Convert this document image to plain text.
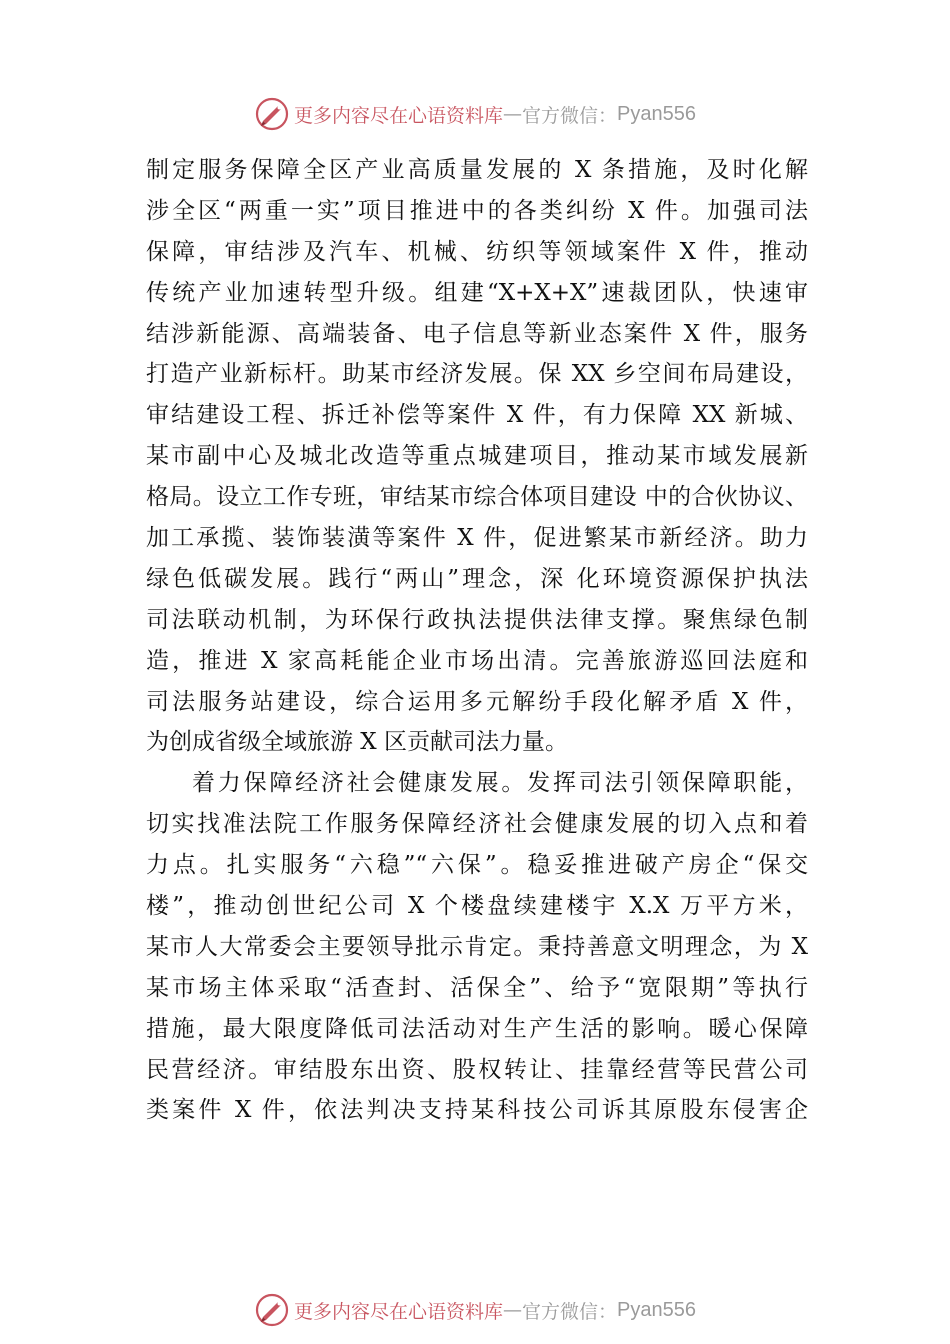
更多内容尽在心语资料库 — 官方微信： Pyan556
制定服务保障全区产业高质量发展的 X 条措施，及时化解
涉全区“两重一实”项目推进中的各类纠纷 X 件。加强司法
保障，审结涉及汽车、机械、纺织等领域案件 X 件，推动
传统产业加速转型升级。组建“X+X+X”速裁团队，快速审
结涉新能源、高端装备、电子信息等新业态案件 X 件，服务
打造产业新标杆。助某市经济发展。保 XX 乡空间布局建设，
审结建设工程、拆迁补偿等案件 X 件，有力保障 XX 新城、
某市副中心及城北改造等重点城建项目，推动某市域发展新
格局。设立工作专班，审结某市综合体项目建设 中的合伙协议、
加工承揽、装饰装潢等案件 X 件，促进繁某市新经济。助力
绿色低碳发展。践行“两山”理念，深 化环境资源保护执法
司法联动机制，为环保行政执法提供法律支撑。聚焦绿色制
造，推进 X 家高耗能企业市场出清。完善旅游巡回法庭和
司法服务站建设，综合运用多元解纷手段化解矛盾 X 件，
为创成省级全域旅游 X 区贡献司法力量。
着力保障经济社会健康发展。发挥司法引领保障职能，
切实找准法院工作服务保障经济社会健康发展的切入点和着
力点。扎实服务“六稳”“六保”。稳妥推进破产房企“保交
楼”，推动创世纪公司 X 个楼盘续建楼宇 X.X 万平方米，
某市人大常委会主要领导批示肯定。秉持善意文明理念，为 X
某市场主体采取“活查封、活保全”、给予“宽限期”等执行
措施，最大限度降低司法活动对生产生活的影响。暖心保障
民营经济。审结股东出资、股权转让、挂靠经营等民营公司
类案件 X 件，依法判决支持某科技公司诉其原股东侵害企
更多内容尽在心语资料库 — 官方微信： Pyan556
